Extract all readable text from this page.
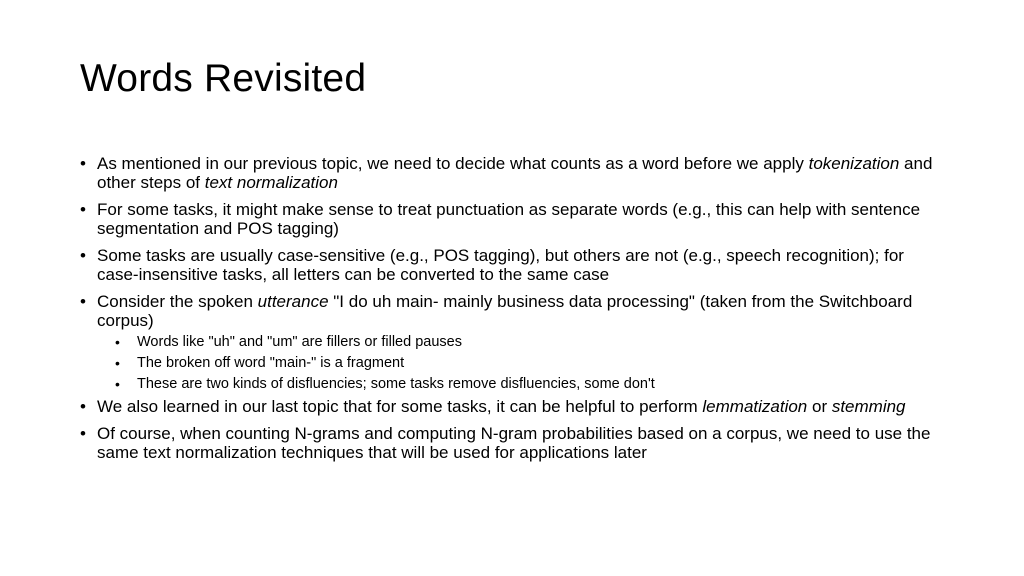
Words Revisited
• As mentioned in our previous topic, we need to decide what counts as a word before we apply tokenization and other steps of text normalization
• For some tasks, it might make sense to treat punctuation as separate words (e.g., this can help with sentence segmentation and POS tagging)
• Some tasks are usually case-sensitive (e.g., POS tagging), but others are not (e.g., speech recognition); for case-insensitive tasks, all letters can be converted to the same case
• Consider the spoken utterance "I do uh main- mainly business data processing" (taken from the Switchboard corpus)
• Words like "uh" and "um" are fillers or filled pauses
• The broken off word "main-" is a fragment
• These are two kinds of disfluencies; some tasks remove disfluencies, some don't
• We also learned in our last topic that for some tasks, it can be helpful to perform lemmatization or stemming
• Of course, when counting N-grams and computing N-gram probabilities based on a corpus, we need to use the same text normalization techniques that will be used for applications later
